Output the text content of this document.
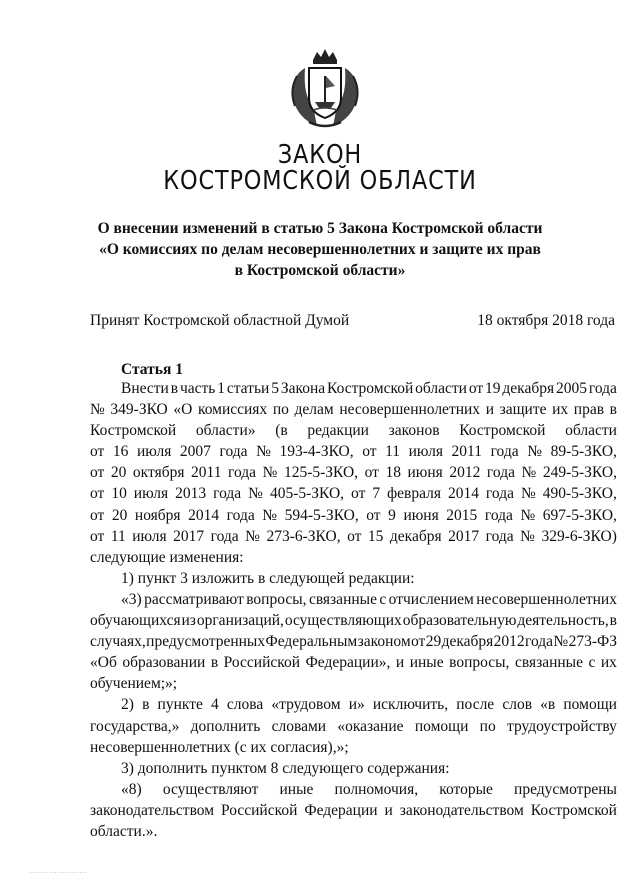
ЗАКОН
КОСТРОМСКОЙ ОБЛАСТИ
О внесении изменений в статью 5 Закона Костромской области
«О комиссиях по делам несовершеннолетних и защите их прав
в Костромской области»
Принят Костромской областной Думой	18 октября 2018 года
Статья 1
Внести в часть 1 статьи 5 Закона Костромской области от 19 декабря 2005 года
№ 349-ЗКО «О комиссиях по делам несовершеннолетних и защите их прав в
Костромской области» (в редакции законов Костромской области
от 16 июля 2007 года № 193-4-ЗКО, от 11 июля 2011 года № 89-5-ЗКО,
от 20 октября 2011 года № 125-5-ЗКО, от 18 июня 2012 года № 249-5-ЗКО,
от 10 июля 2013 года № 405-5-ЗКО, от 7 февраля 2014 года № 490-5-ЗКО,
от 20 ноября 2014 года № 594-5-ЗКО, от 9 июня 2015 года № 697-5-ЗКО,
от 11 июля 2017 года № 273-6-ЗКО, от 15 декабря 2017 года № 329-6-ЗКО)
следующие изменения:
1) пункт 3 изложить в следующей редакции:
«3) рассматривают вопросы, связанные с отчислением несовершеннолетних
обучающихся из организаций, осуществляющих образовательную деятельность, в
случаях, предусмотренных Федеральным законом от 29 декабря 2012 года № 273-ФЗ
«Об образовании в Российской Федерации», и иные вопросы, связанные с их
обучением;»;
2) в пункте 4 слова «трудовом и» исключить, после слов «в помощи
государства,» дополнить словами «оказание помощи по трудоустройству
несовершеннолетних (с их согласия),»;
3) дополнить пунктом 8 следующего содержания:
«8) осуществляют иные полномочия, которые предусмотрены
законодательством Российской Федерации и законодательством Костромской
области.».
.....................
